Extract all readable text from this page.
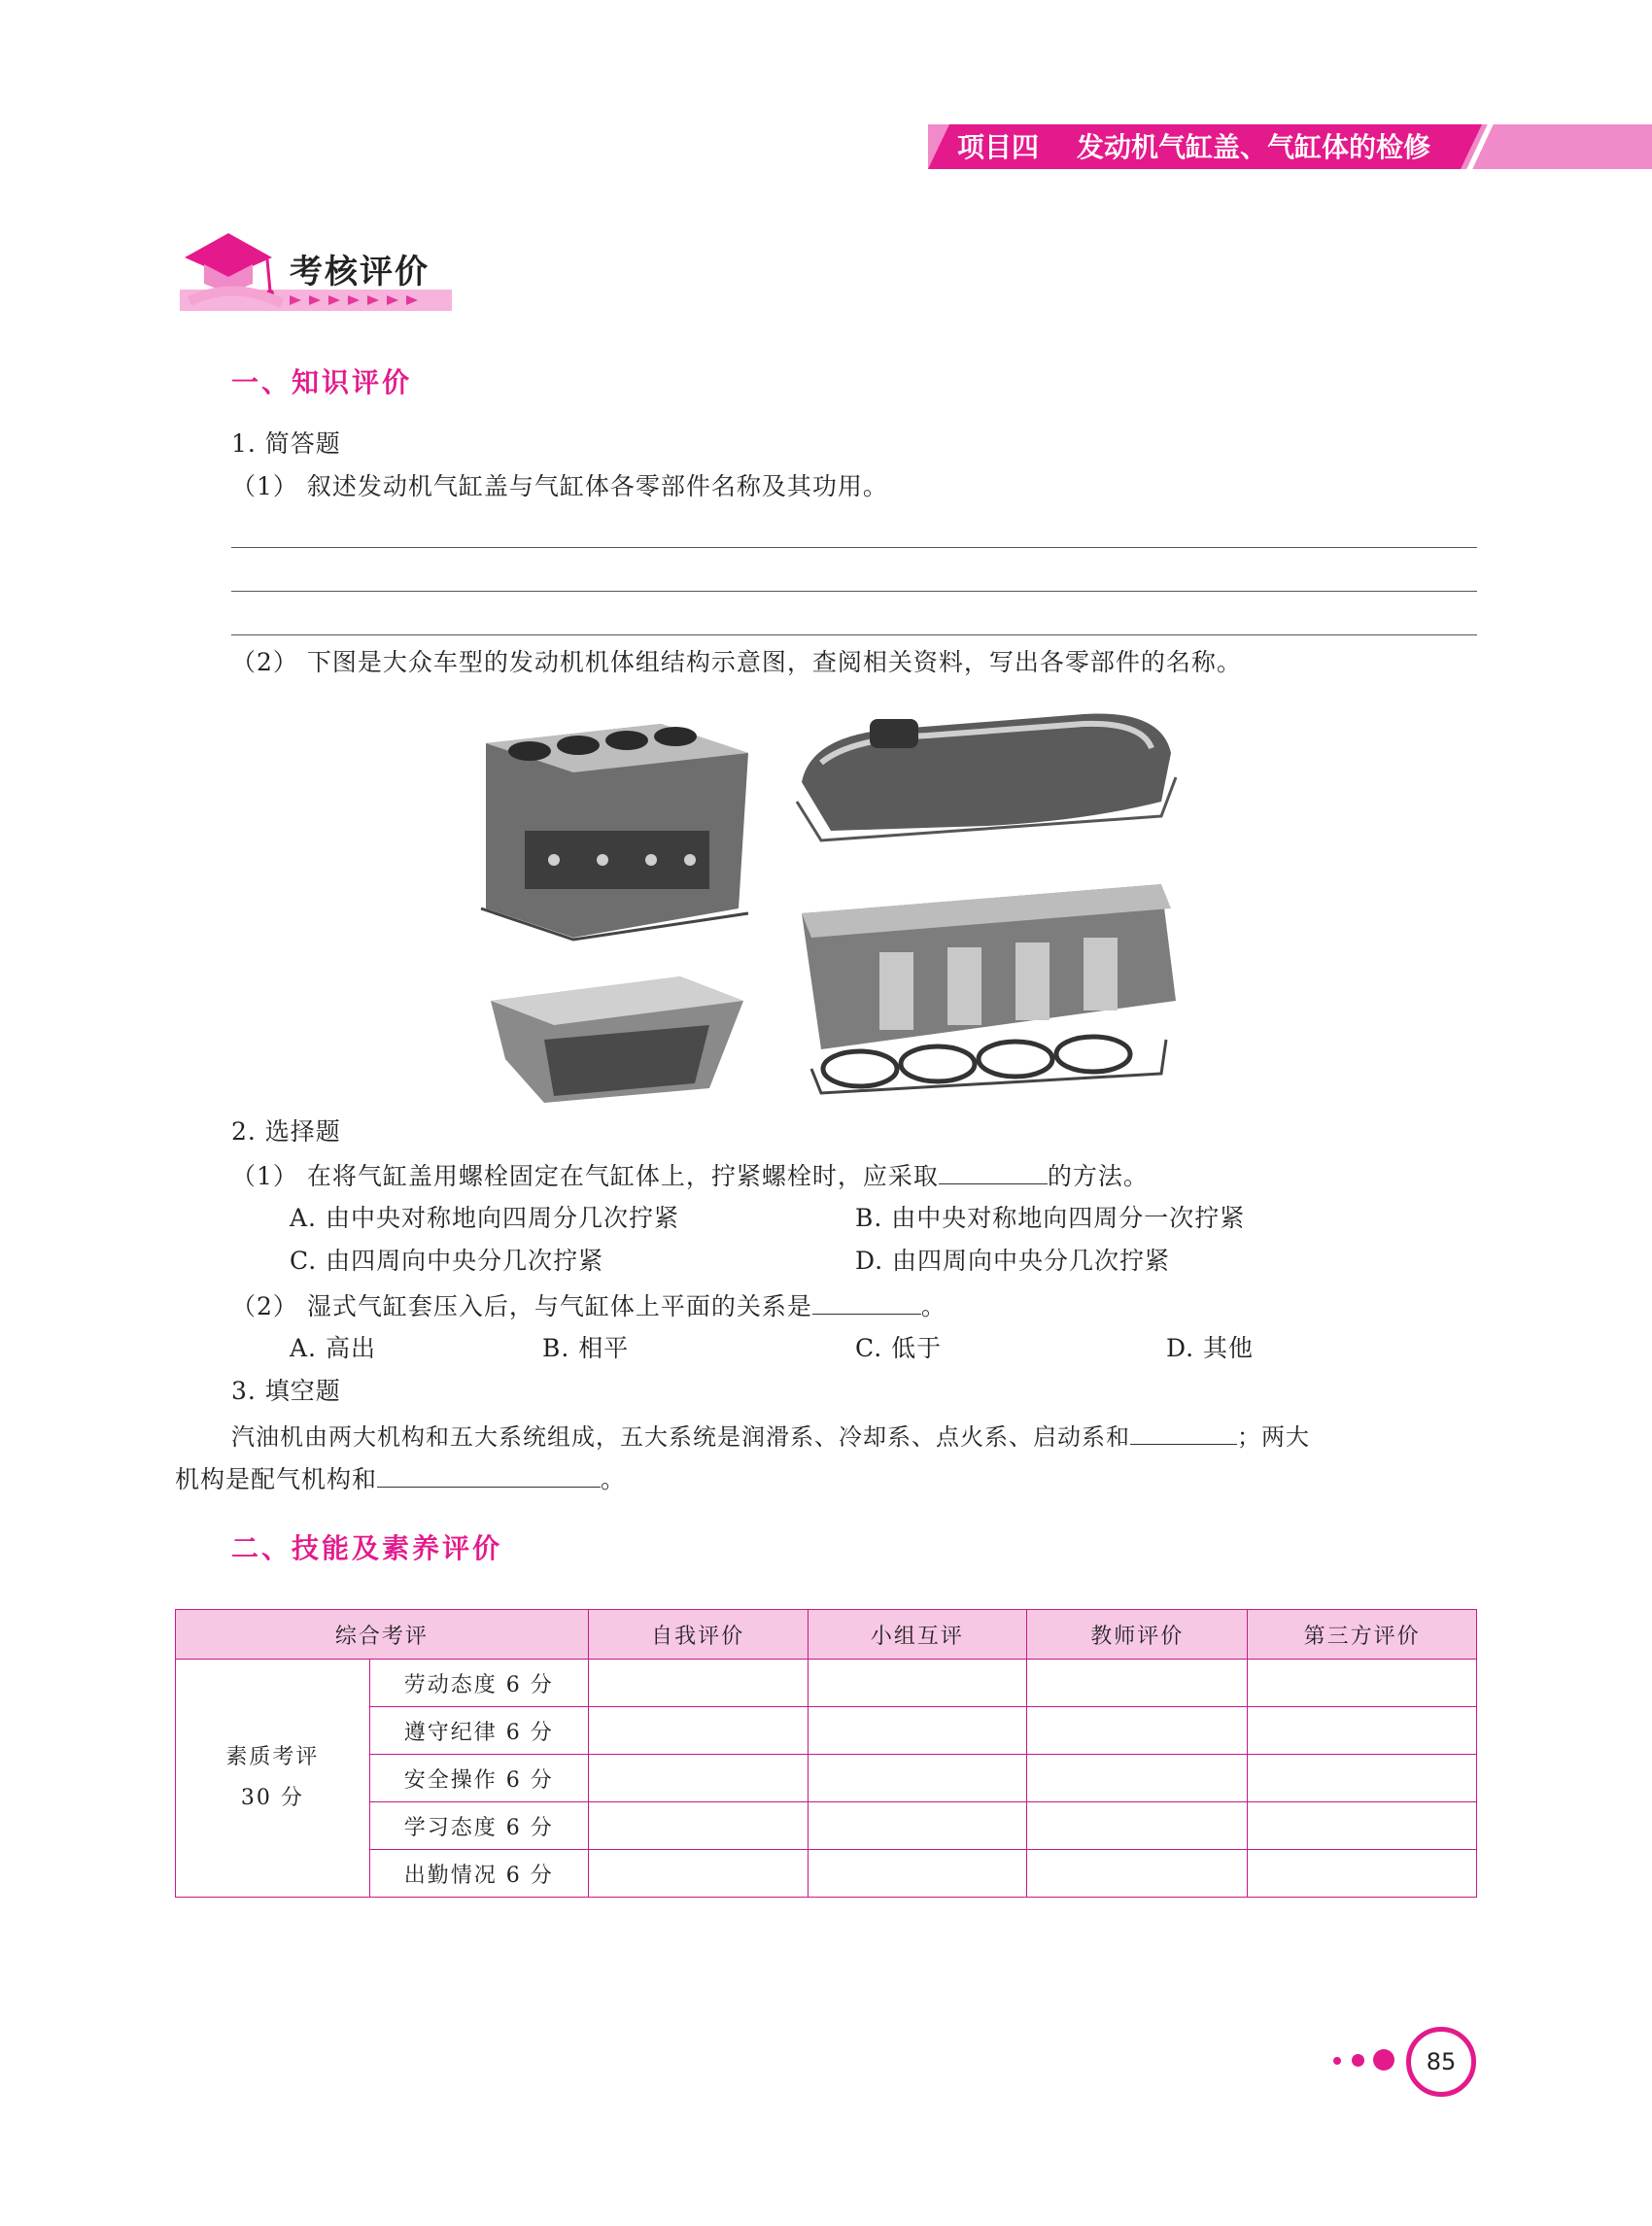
项目四    发动机气缸盖、气缸体的检修
考核评价
一、知识评价
1. 简答题
（1） 叙述发动机气缸盖与气缸体各零部件名称及其功用。
（2） 下图是大众车型的发动机机体组结构示意图，查阅相关资料，写出各零部件的名称。
2. 选择题
（1） 在将气缸盖用螺栓固定在气缸体上，拧紧螺栓时，应采取	的方法。
A. 由中央对称地向四周分几次拧紧	B. 由中央对称地向四周分一次拧紧
C. 由四周向中央分几次拧紧	D. 由四周向中央分几次拧紧
（2） 湿式气缸套压入后，与气缸体上平面的关系是	。
A. 高出	B. 相平	C. 低于	D. 其他
3. 填空题
汽油机由两大机构和五大系统组成，五大系统是润滑系、冷却系、点火系、启动系和	；两大
机构是配气机构和	。
二、技能及素养评价
综合考评		自我评价	小组互评	教师评价	第三方评价

素质考评
30 分	劳动态度 6 分				
	遵守纪律 6 分				
	安全操作 6 分				
	学习态度 6 分				
	出勤情况 6 分				
85
